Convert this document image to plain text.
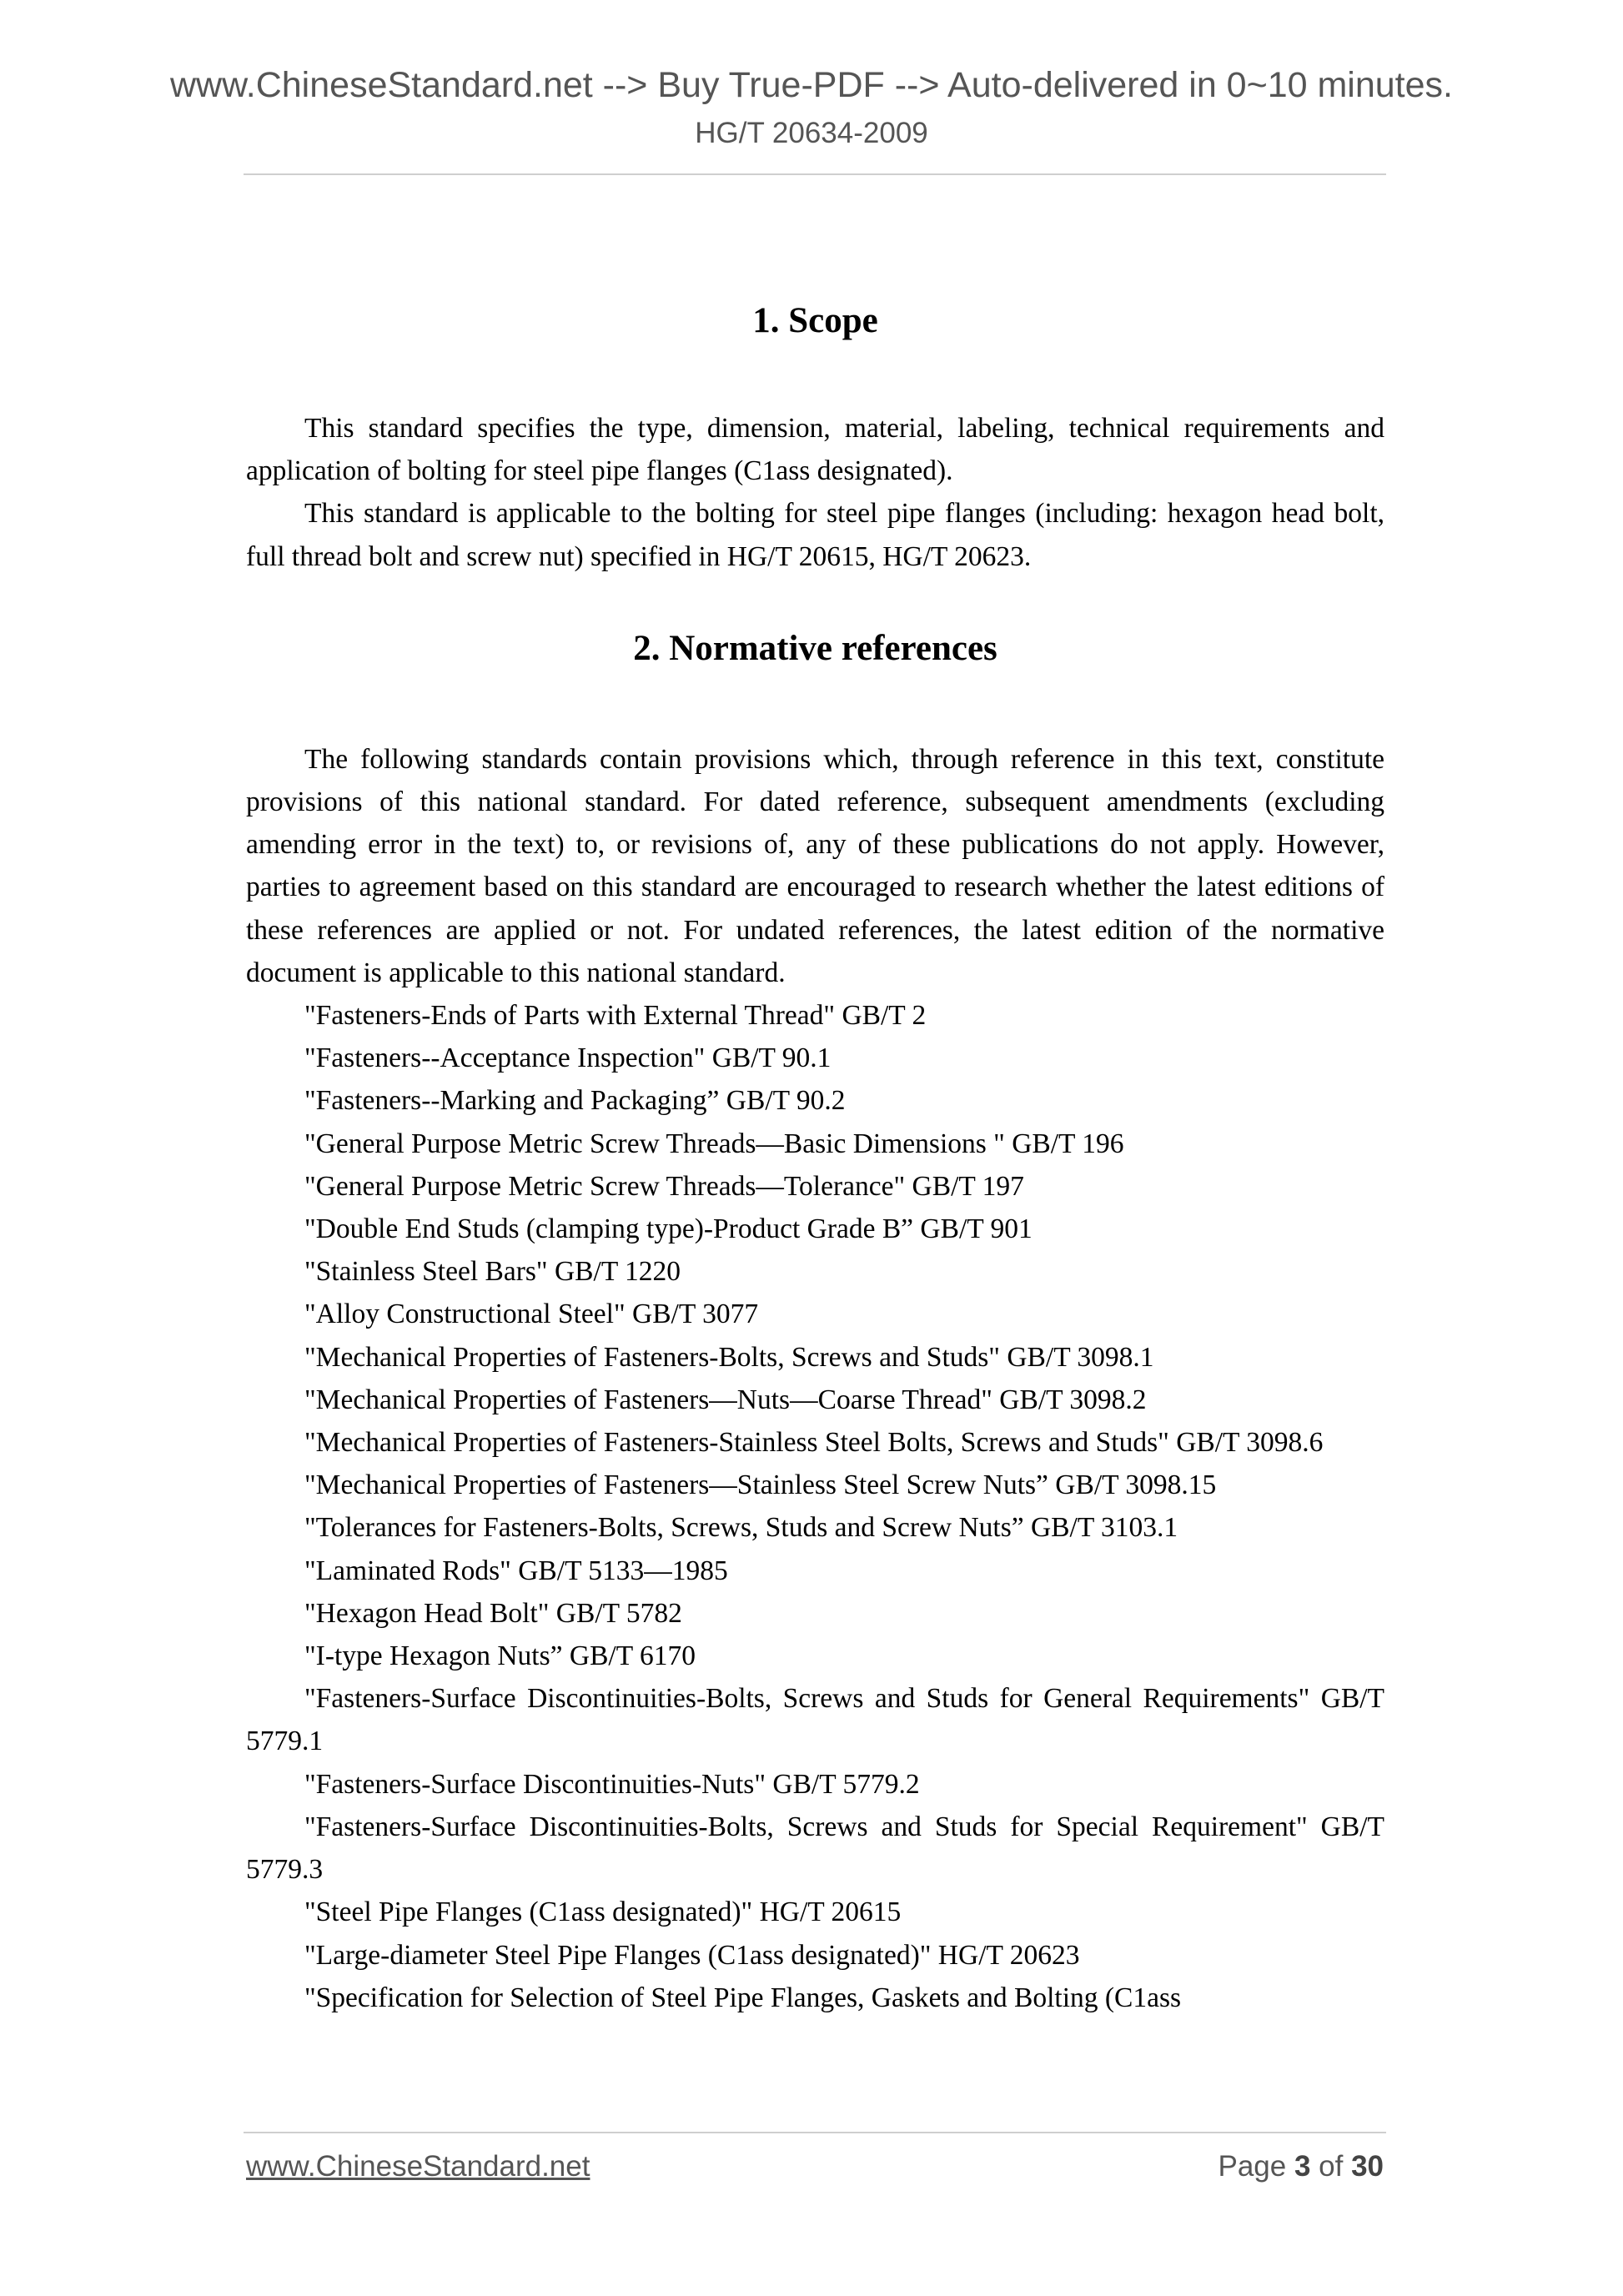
www.ChineseStandard.net --> Buy True-PDF --> Auto-delivered in 0~10 minutes.
HG/T 20634-2009
1. Scope

This standard specifies the type, dimension, material, labeling, technical requirements and application of bolting for steel pipe flanges (C1ass designated).

This standard is applicable to the bolting for steel pipe flanges (including: hexagon head bolt, full thread bolt and screw nut) specified in HG/T 20615, HG/T 20623.

2. Normative references

The following standards contain provisions which, through reference in this text, constitute provisions of this national standard. For dated reference, subsequent amendments (excluding amending error in the text) to, or revisions of, any of these publications do not apply. However, parties to agreement based on this standard are encouraged to research whether the latest editions of these references are applied or not. For undated references, the latest edition of the normative document is applicable to this national standard.

"Fasteners-Ends of Parts with External Thread" GB/T 2

"Fasteners--Acceptance Inspection" GB/T 90.1

"Fasteners--Marking and Packaging” GB/T 90.2

"General Purpose Metric Screw Threads—Basic Dimensions " GB/T 196

"General Purpose Metric Screw Threads—Tolerance" GB/T 197

"Double End Studs (clamping type)-Product Grade B” GB/T 901

"Stainless Steel Bars" GB/T 1220

"Alloy Constructional Steel" GB/T 3077

"Mechanical Properties of Fasteners-Bolts, Screws and Studs" GB/T 3098.1

"Mechanical Properties of Fasteners—Nuts—Coarse Thread" GB/T 3098.2

"Mechanical Properties of Fasteners-Stainless Steel Bolts, Screws and Studs" GB/T 3098.6

"Mechanical Properties of Fasteners—Stainless Steel Screw Nuts” GB/T 3098.15

"Tolerances for Fasteners-Bolts, Screws, Studs and Screw Nuts” GB/T 3103.1

"Laminated Rods" GB/T 5133—1985

"Hexagon Head Bolt" GB/T 5782

"I-type Hexagon Nuts” GB/T 6170

"Fasteners-Surface Discontinuities-Bolts, Screws and Studs for General Requirements" GB/T 5779.1

"Fasteners-Surface Discontinuities-Nuts" GB/T 5779.2

"Fasteners-Surface Discontinuities-Bolts, Screws and Studs for Special Requirement" GB/T 5779.3

"Steel Pipe Flanges (C1ass designated)" HG/T 20615

"Large-diameter Steel Pipe Flanges (C1ass designated)" HG/T 20623

"Specification for Selection of Steel Pipe Flanges, Gaskets and Bolting (C1ass

www.ChineseStandard.net	Page 3 of 30
